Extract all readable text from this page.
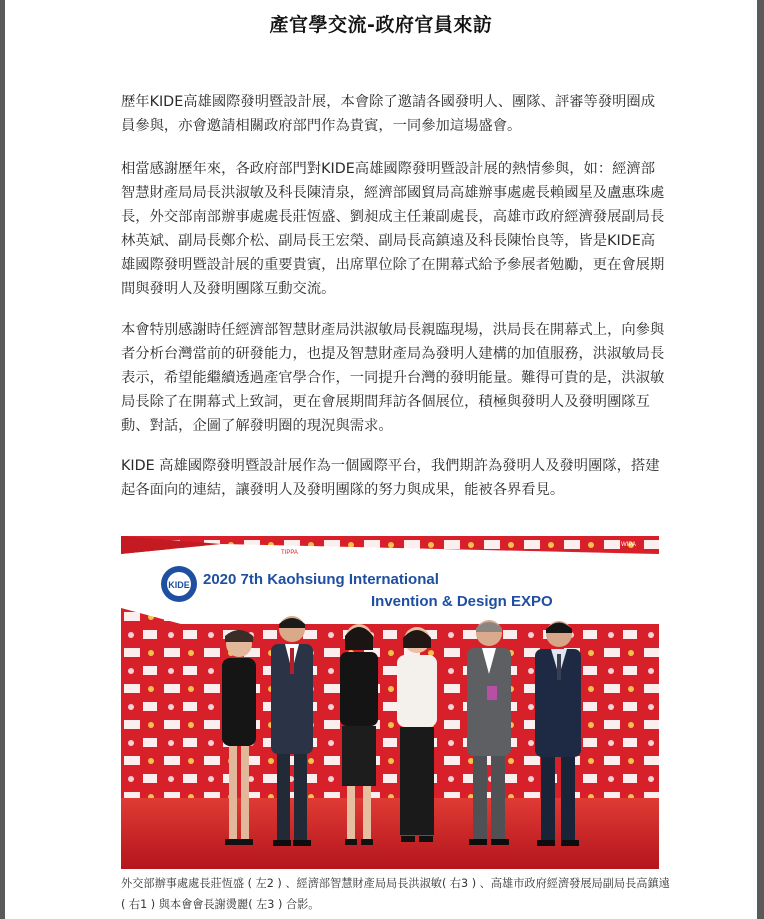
產官學交流-政府官員來訪

歷年KIDE高雄國際發明暨設計展，本會除了邀請各國發明人、團隊、評審等發明圈成員參與，亦會邀請相關政府部門作為貴賓，一同參加這場盛會。

相當感謝歷年來，各政府部門對KIDE高雄國際發明暨設計展的熱情參與，如：經濟部智慧財產局局長洪淑敏及科長陳清泉，經濟部國貿局高雄辦事處處長賴國星及盧惠珠處長，外交部南部辦事處處長莊恆盛、劉昶成主任兼副處長，高雄市政府經濟發展副局長林英斌、副局長鄭介松、副局長王宏榮、副局長高鎮遠及科長陳怡良等，皆是KIDE高雄國際發明暨設計展的重要貴賓，出席單位除了在開幕式給予參展者勉勵，更在會展期間與發明人及發明團隊互動交流。

本會特別感謝時任經濟部智慧財產局洪淑敏局長親臨現場，洪局長在開幕式上，向參與者分析台灣當前的研發能力，也提及智慧財產局為發明人建構的加值服務，洪淑敏局長表示，希望能繼續透過產官學合作，一同提升台灣的發明能量。難得可貴的是，洪淑敏局長除了在開幕式上致詞，更在會展期間拜訪各個展位，積極與發明人及發明團隊互動、對話，企圖了解發明圈的現況與需求。

KIDE 高雄國際發明暨設計展作為一個國際平台，我們期許為發明人及發明團隊，搭建起各面向的連結，讓發明人及發明團隊的努力與成果，能被各界看見。

KIDE 2020 7th Kaohsiung International
Invention & Design EXPO
TIPPA
WIPA
外交部辦事處處長莊恆盛 ( 左2 ) 、經濟部智慧財產局局長洪淑敏( 右3 ) 、高雄市政府經濟發展局副局長高鎮遠 ( 右1 ) 與本會會長謝燙麗( 左3 ) 合影。
